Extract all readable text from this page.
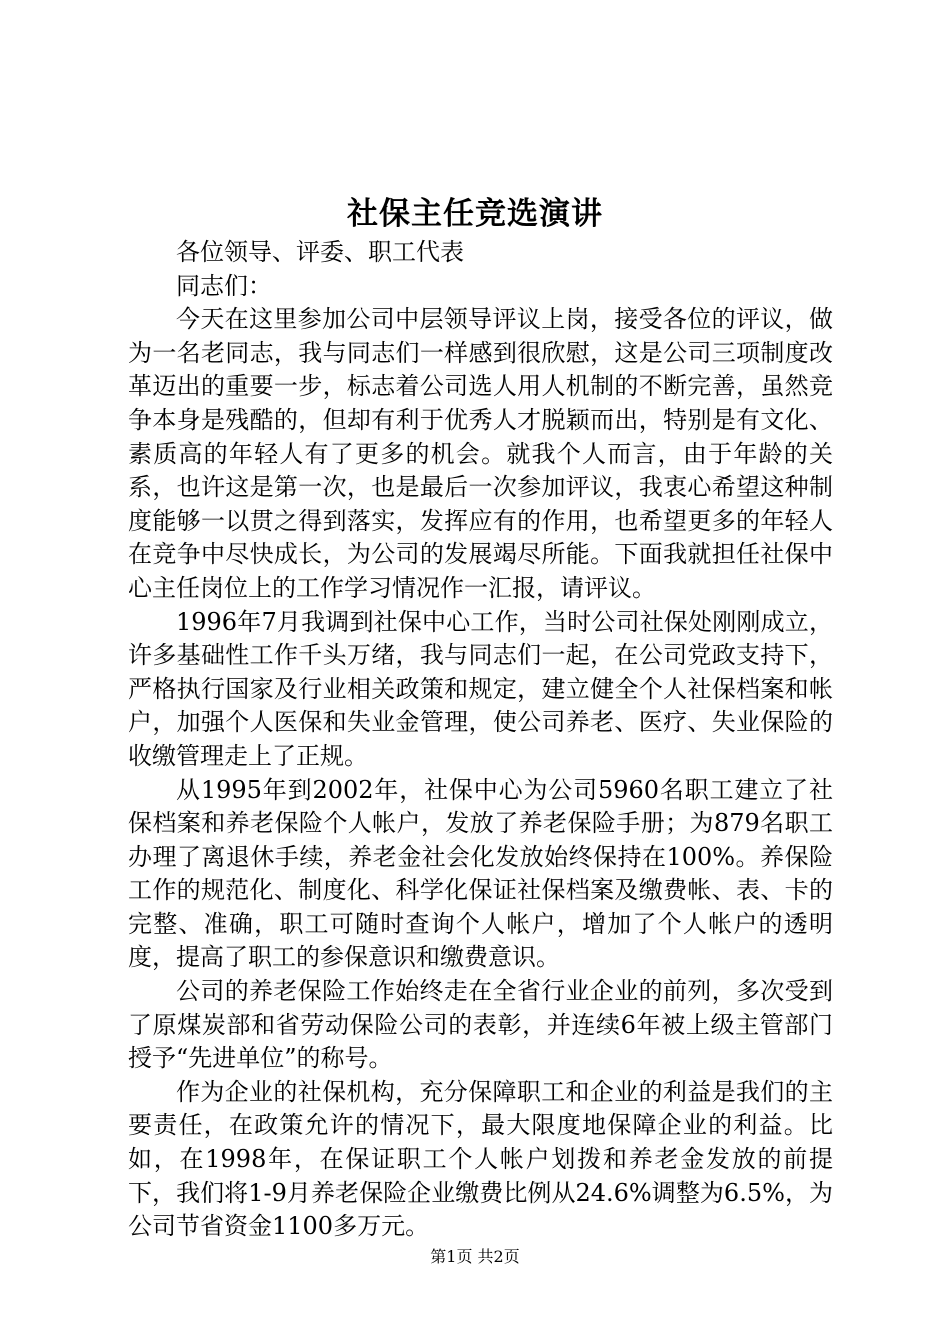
社保主任竞选演讲

各位领导、评委、职工代表

同志们：

今天在这里参加公司中层领导评议上岗，接受各位的评议，做为一名老同志，我与同志们一样感到很欣慰，这是公司三项制度改革迈出的重要一步，标志着公司选人用人机制的不断完善，虽然竞争本身是残酷的，但却有利于优秀人才脱颖而出，特别是有文化、素质高的年轻人有了更多的机会。就我个人而言，由于年龄的关系，也许这是第一次，也是最后一次参加评议，我衷心希望这种制度能够一以贯之得到落实，发挥应有的作用，也希望更多的年轻人在竞争中尽快成长，为公司的发展竭尽所能。下面我就担任社保中心主任岗位上的工作学习情况作一汇报，请评议。

1996年7月我调到社保中心工作，当时公司社保处刚刚成立，许多基础性工作千头万绪，我与同志们一起，在公司党政支持下，严格执行国家及行业相关政策和规定，建立健全个人社保档案和帐户，加强个人医保和失业金管理，使公司养老、医疗、失业保险的收缴管理走上了正规。

从1995年到2002年，社保中心为公司5960名职工建立了社保档案和养老保险个人帐户，发放了养老保险手册；为879名职工办理了离退休手续，养老金社会化发放始终保持在100%。养保险工作的规范化、制度化、科学化保证社保档案及缴费帐、表、卡的完整、准确，职工可随时查询个人帐户，增加了个人帐户的透明度，提高了职工的参保意识和缴费意识。

公司的养老保险工作始终走在全省行业企业的前列，多次受到了原煤炭部和省劳动保险公司的表彰，并连续6年被上级主管部门授予“先进单位”的称号。

作为企业的社保机构，充分保障职工和企业的利益是我们的主要责任，在政策允许的情况下，最大限度地保障企业的利益。比如，在1998年，在保证职工个人帐户划拨和养老金发放的前提下，我们将1-9月养老保险企业缴费比例从24.6%调整为6.5%，为公司节省资金1100多万元。

第1页 共2页
